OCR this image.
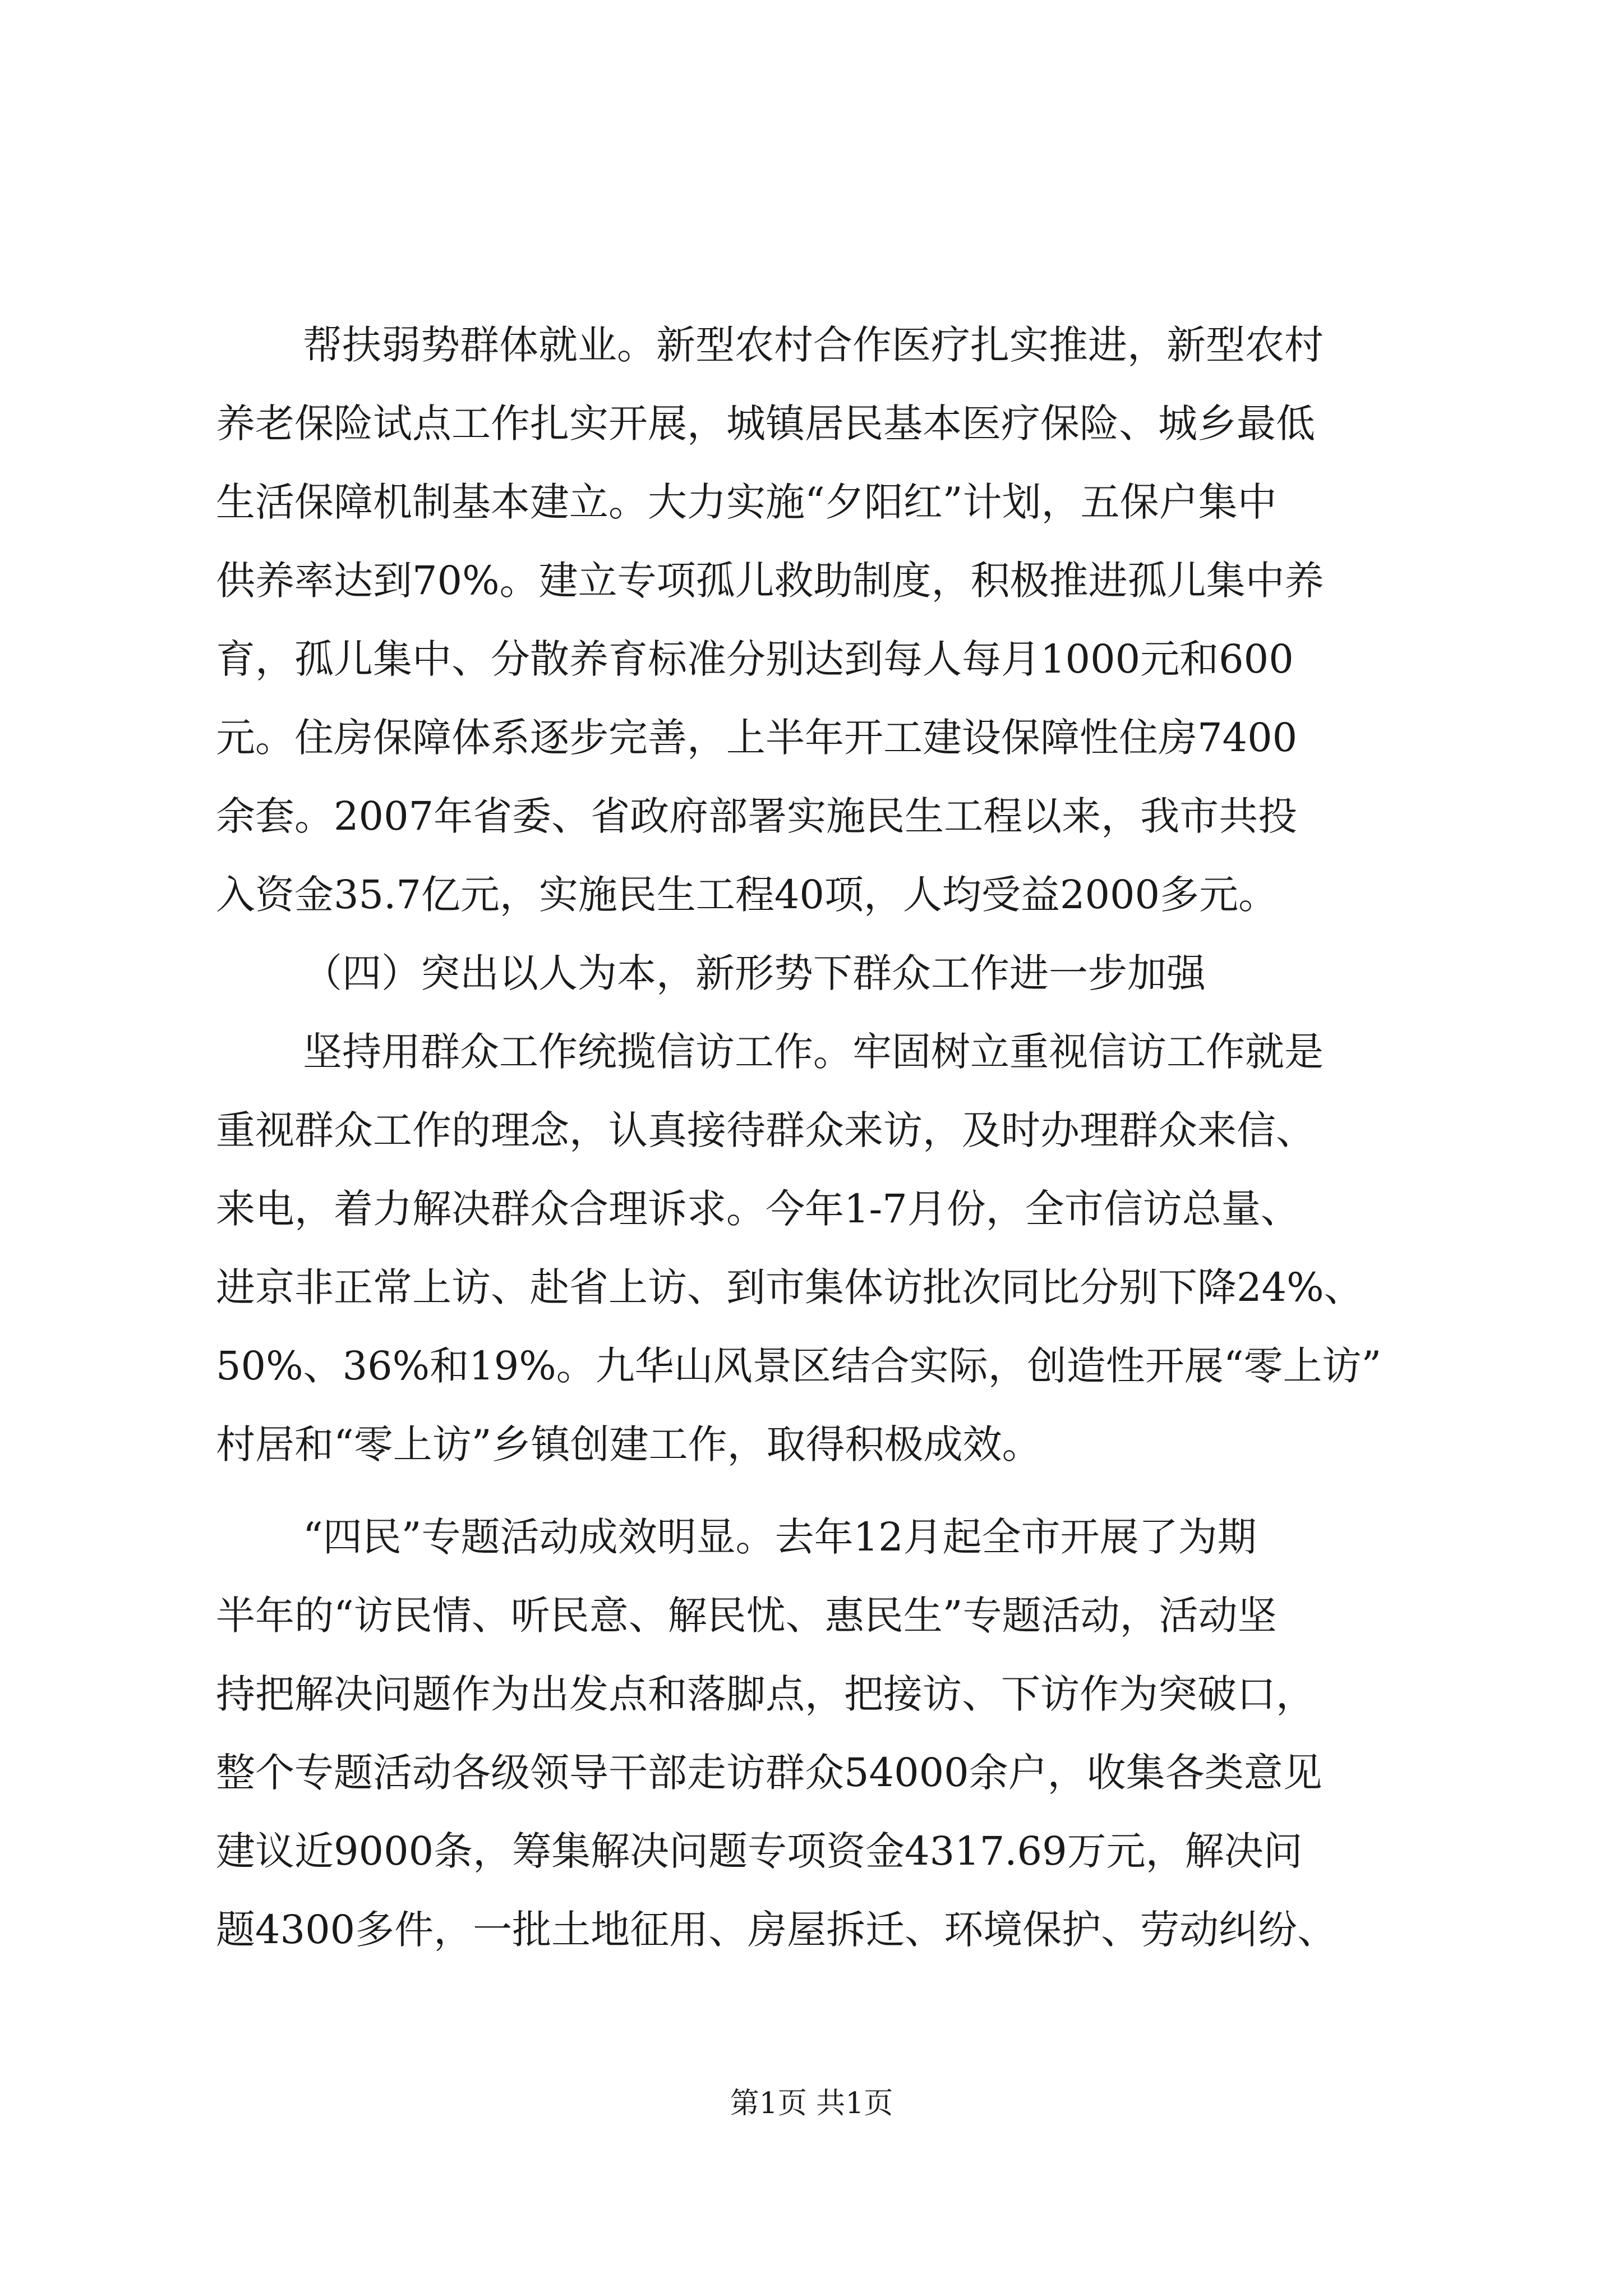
帮扶弱势群体就业。新型农村合作医疗扎实推进，新型农村
养老保险试点工作扎实开展，城镇居民基本医疗保险、城乡最低
生活保障机制基本建立。大力实施“夕阳红”计划，五保户集中
供养率达到70%。建立专项孤儿救助制度，积极推进孤儿集中养
育，孤儿集中、分散养育标准分别达到每人每月1000元和600
元。住房保障体系逐步完善，上半年开工建设保障性住房7400
余套。2007年省委、省政府部署实施民生工程以来，我市共投
入资金35.7亿元，实施民生工程40项，人均受益2000多元。
（四）突出以人为本，新形势下群众工作进一步加强
坚持用群众工作统揽信访工作。牢固树立重视信访工作就是
重视群众工作的理念，认真接待群众来访，及时办理群众来信、
来电，着力解决群众合理诉求。今年1-7月份，全市信访总量、
进京非正常上访、赴省上访、到市集体访批次同比分别下降24%、
50%、36%和19%。九华山风景区结合实际，创造性开展“零上访”
村居和“零上访”乡镇创建工作，取得积极成效。
“四民”专题活动成效明显。去年12月起全市开展了为期
半年的“访民情、听民意、解民忧、惠民生”专题活动，活动坚
持把解决问题作为出发点和落脚点，把接访、下访作为突破口，
整个专题活动各级领导干部走访群众54000余户，收集各类意见
建议近9000条，筹集解决问题专项资金4317.69万元，解决问
题4300多件，一批土地征用、房屋拆迁、环境保护、劳动纠纷、
第1页 共1页
